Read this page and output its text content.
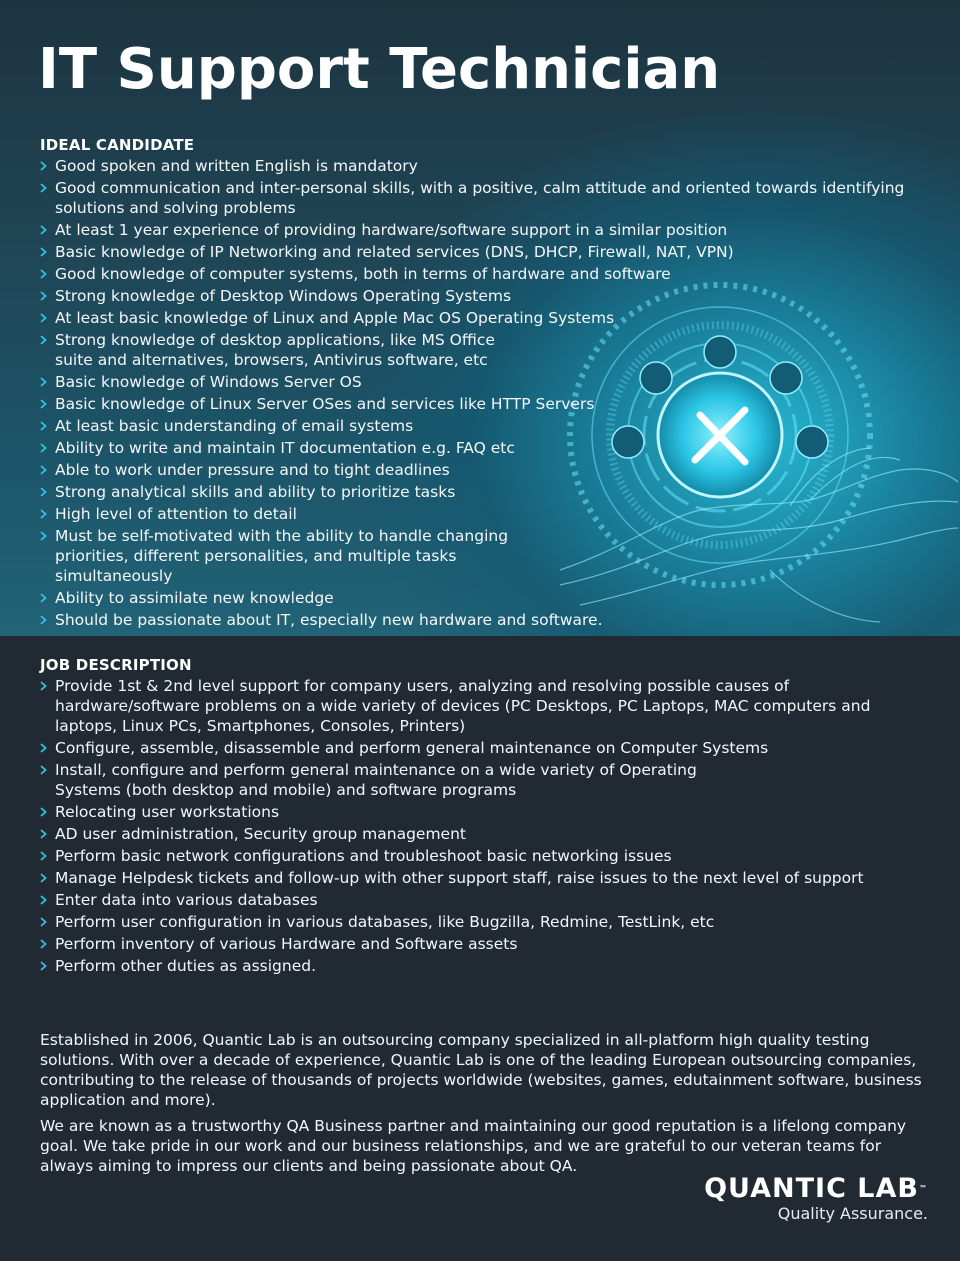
IT Support Technician
IDEAL CANDIDATE
Good spoken and written English is mandatory
Good communication and inter-personal skills, with a positive, calm attitude and oriented towards identifying solutions and solving problems
At least 1 year experience of providing hardware/software support in a similar position
Basic knowledge of IP Networking and related services (DNS, DHCP, Firewall, NAT, VPN)
Good knowledge of computer systems, both in terms of hardware and software
Strong knowledge of Desktop Windows Operating Systems
At least basic knowledge of Linux and Apple Mac OS Operating Systems
Strong knowledge of desktop applications, like MS Office suite and alternatives, browsers, Antivirus software, etc
Basic knowledge of Windows Server OS
Basic knowledge of Linux Server OSes and services like HTTP Servers
At least basic understanding of email systems
Ability to write and maintain IT documentation e.g. FAQ etc
Able to work under pressure and to tight deadlines
Strong analytical skills and ability to prioritize tasks
High level of attention to detail
Must be self-motivated with the ability to handle changing priorities, different personalities, and multiple tasks simultaneously
Ability to assimilate new knowledge
Should be passionate about IT, especially new hardware and software.
JOB DESCRIPTION
Provide 1st & 2nd level support for company users, analyzing and resolving possible causes of hardware/software problems on a wide variety of devices (PC Desktops, PC Laptops, MAC computers and laptops, Linux PCs, Smartphones, Consoles, Printers)
Configure, assemble, disassemble and perform general maintenance on Computer Systems
Install, configure and perform general maintenance on a wide variety of Operating Systems (both desktop and mobile) and software programs
Relocating user workstations
AD user administration, Security group management
Perform basic network configurations and troubleshoot basic networking issues
Manage Helpdesk tickets and follow-up with other support staff, raise issues to the next level of support
Enter data into various databases
Perform user configuration in various databases, like Bugzilla, Redmine, TestLink, etc
Perform inventory of various Hardware and Software assets
Perform other duties as assigned.

Established in 2006, Quantic Lab is an outsourcing company specialized in all-platform high quality testing solutions. With over a decade of experience, Quantic Lab is one of the leading European outsourcing companies, contributing to the release of thousands of projects worldwide (websites, games, edutainment software, business application and more).

We are known as a trustworthy QA Business partner and maintaining our good reputation is a lifelong company goal. We take pride in our work and our business relationships, and we are grateful to our veteran teams for always aiming to impress our clients and being passionate about QA.

QUANTIC LAB™
Quality Assurance.
